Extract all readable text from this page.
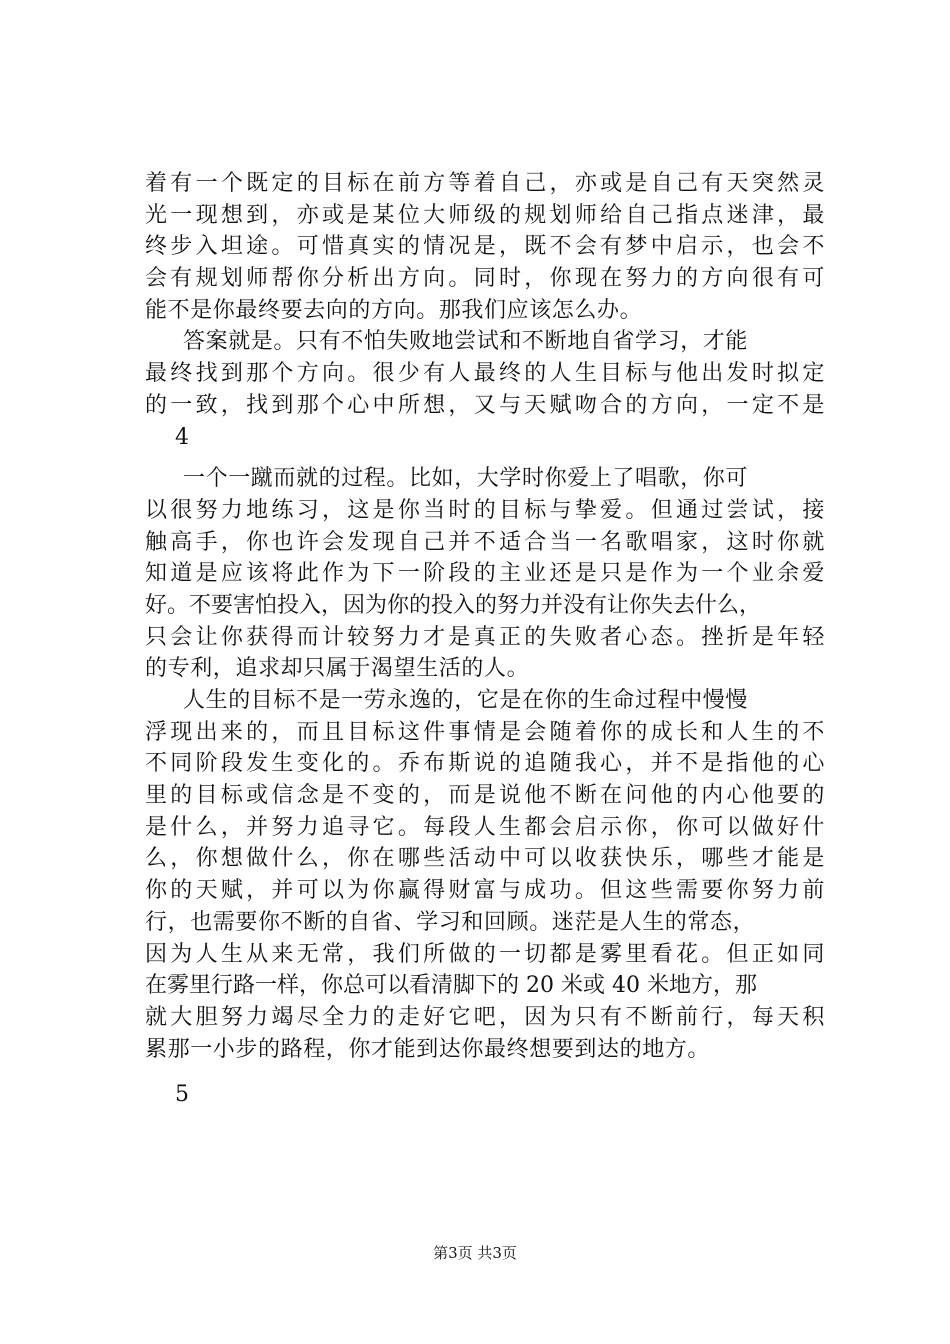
着有一个既定的目标在前方等着自己，亦或是自己有天突然灵
光一现想到，亦或是某位大师级的规划师给自己指点迷津，最
终步入坦途。可惜真实的情况是，既不会有梦中启示，也会不
会有规划师帮你分析出方向。同时，你现在努力的方向很有可
能不是你最终要去向的方向。那我们应该怎么办。
答案就是。只有不怕失败地尝试和不断地自省学习，才能
最终找到那个方向。很少有人最终的人生目标与他出发时拟定
的一致，找到那个心中所想，又与天赋吻合的方向，一定不是
4
一个一蹴而就的过程。比如，大学时你爱上了唱歌，你可
以很努力地练习，这是你当时的目标与挚爱。但通过尝试，接
触高手，你也许会发现自己并不适合当一名歌唱家，这时你就
知道是应该将此作为下一阶段的主业还是只是作为一个业余爱
好。不要害怕投入，因为你的投入的努力并没有让你失去什么，
只会让你获得而计较努力才是真正的失败者心态。挫折是年轻
的专利，追求却只属于渴望生活的人。
人生的目标不是一劳永逸的，它是在你的生命过程中慢慢
浮现出来的，而且目标这件事情是会随着你的成长和人生的不
不同阶段发生变化的。乔布斯说的追随我心，并不是指他的心
里的目标或信念是不变的，而是说他不断在问他的内心他要的
是什么，并努力追寻它。每段人生都会启示你，你可以做好什
么，你想做什么，你在哪些活动中可以收获快乐，哪些才能是
你的天赋，并可以为你赢得财富与成功。但这些需要你努力前
行，也需要你不断的自省、学习和回顾。迷茫是人生的常态，
因为人生从来无常，我们所做的一切都是雾里看花。但正如同
在雾里行路一样，你总可以看清脚下的 20 米或 40 米地方，那
就大胆努力竭尽全力的走好它吧，因为只有不断前行，每天积
累那一小步的路程，你才能到达你最终想要到达的地方。
5
第3页 共3页
